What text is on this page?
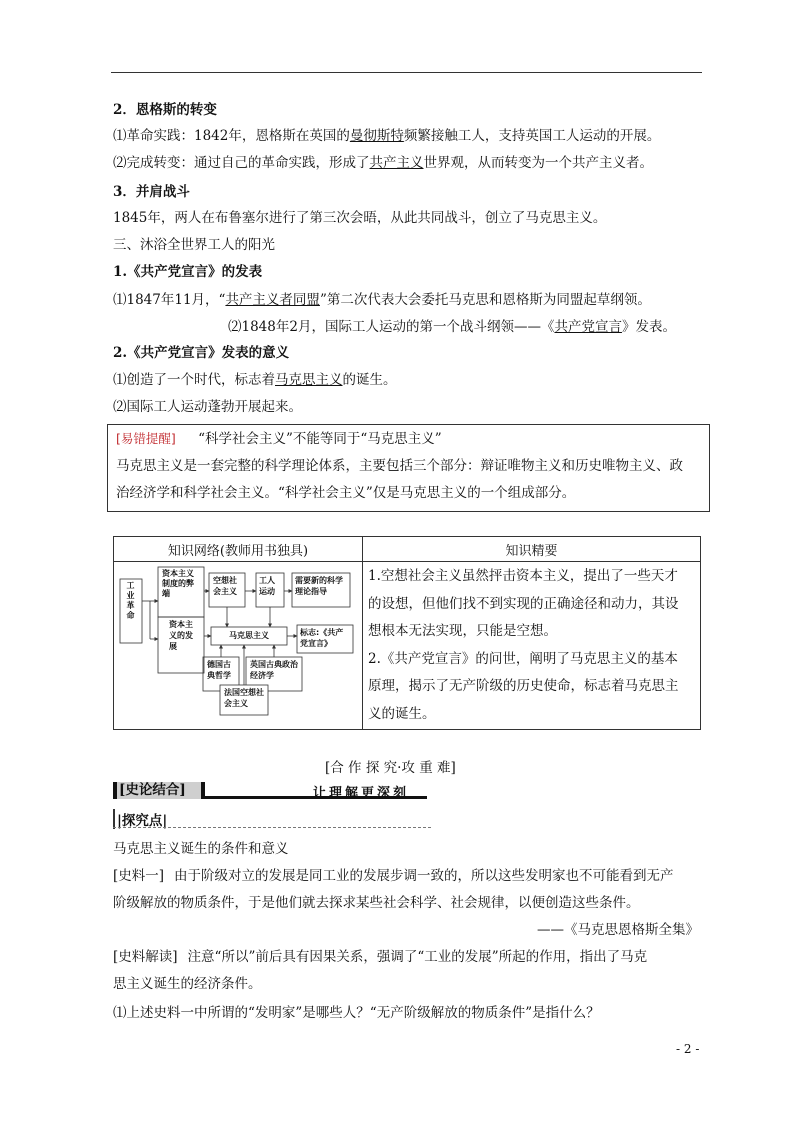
2．恩格斯的转变
⑴革命实践：1842年，恩格斯在英国的曼彻斯特频繁接触工人，支持英国工人运动的开展。
⑵完成转变：通过自己的革命实践，形成了共产主义世界观，从而转变为一个共产主义者。
3．并肩战斗
1845年，两人在布鲁塞尔进行了第三次会晤，从此共同战斗，创立了马克思主义。
三、沐浴全世界工人的阳光
1.《共产党宣言》的发表
⑴1847年11月，“共产主义者同盟”第二次代表大会委托马克思和恩格斯为同盟起草纲领。
⑵1848年2月，国际工人运动的第一个战斗纲领——《共产党宣言》发表。
2.《共产党宣言》发表的意义
⑴创造了一个时代，标志着马克思主义的诞生。
⑵国际工人运动蓬勃开展起来。
[易错提醒] “科学社会主义”不能等同于“马克思主义”
马克思主义是一套完整的科学理论体系，主要包括三个部分：辩证唯物主义和历史唯物主义、政
治经济学和科学社会主义。“科学社会主义”仅是马克思主义的一个组成部分。
知识网络(教师用书独具)	知识精要

工业革命
资本主义制度的弊端
资本主义的发展
空想社会主义
工人运动
需要新的科学理论指导
马克思主义	标志:《共产党宣言》
德国古典哲学
英国古典政治经济学
法国空想社会主义
1.空想社会主义虽然抨击资本主义，提出了一些天才
的设想，但他们找不到实现的正确途径和动力，其设
想根本无法实现，只能是空想。
2.《共产党宣言》的问世，阐明了马克思主义的基本
原理，揭示了无产阶级的历史使命，标志着马克思主
义的诞生。
[合 作 探 究·攻 重 难]
[史论结合]	让理解更深刻
|探究点|
马克思主义诞生的条件和意义
[史料一] 由于阶级对立的发展是同工业的发展步调一致的，所以这些发明家也不可能看到无产
阶级解放的物质条件，于是他们就去探求某些社会科学、社会规律，以便创造这些条件。
——《马克思恩格斯全集》
[史料解读] 注意“所以”前后具有因果关系，强调了“工业的发展”所起的作用，指出了马克
思主义诞生的经济条件。
⑴上述史料一中所谓的“发明家”是哪些人？“无产阶级解放的物质条件”是指什么？
- 2 -
